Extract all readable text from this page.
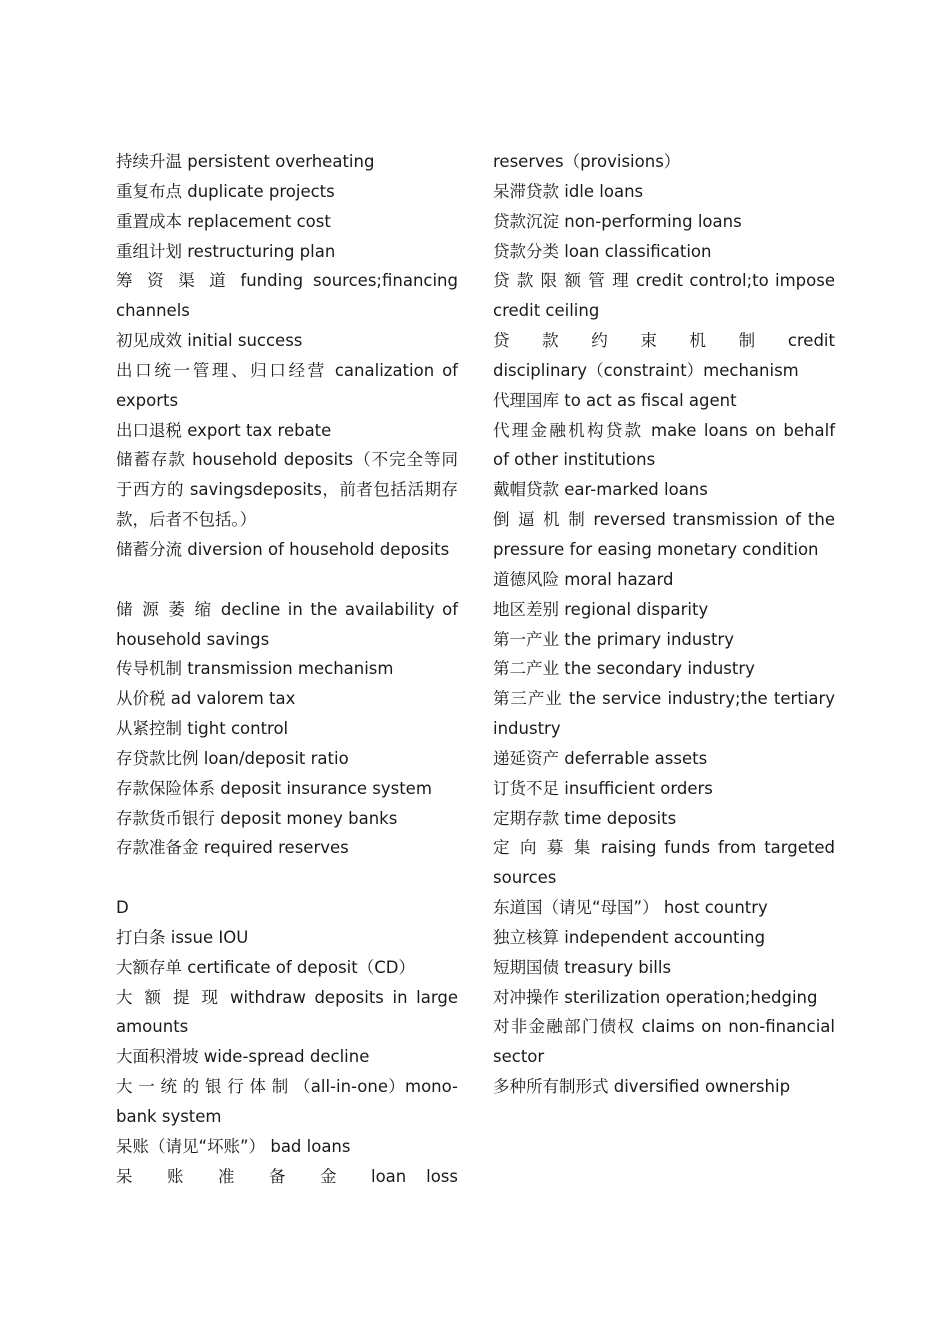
持续升温 persistent overheating
重复布点 duplicate projects
重置成本 replacement cost
重组计划 restructuring plan
筹 资 渠 道 funding sources;financing
channels
初见成效 initial success
出口统一管理、归口经营 canalization of
exports
出口退税 export tax rebate
储蓄存款 household deposits（不完全等同
于西方的 savingsdeposits，前者包括活期存
款，后者不包括。）
储蓄分流 diversion of household deposits
储 源 萎 缩 decline in the availability of
household savings
传导机制 transmission mechanism
从价税 ad valorem tax
从紧控制 tight control
存贷款比例 loan/deposit ratio
存款保险体系 deposit insurance system
存款货币银行 deposit money banks
存款准备金 required reserves
D
打白条 issue IOU
大额存单 certificate of deposit（CD）
大 额 提 现 withdraw deposits in large
amounts
大面积滑坡 wide-spread decline
大 一 统 的 银 行 体 制 （all-in-one）mono-
bank system
呆账（请见“坏账”） bad loans
呆 账 准 备 金 loan loss
reserves（provisions）
呆滞贷款 idle loans
贷款沉淀 non-performing loans
贷款分类 loan classification
贷 款 限 额 管 理 credit control;to impose
credit ceiling
贷 款 约 束 机 制 credit
disciplinary（constraint）mechanism
代理国库 to act as fiscal agent
代理金融机构贷款 make loans on behalf
of other institutions
戴帽贷款 ear-marked loans
倒 逼 机 制 reversed transmission of the
pressure for easing monetary condition
道德风险 moral hazard
地区差别 regional disparity
第一产业 the primary industry
第二产业 the secondary industry
第三产业 the service industry;the tertiary
industry
递延资产 deferrable assets
订货不足 insufficient orders
定期存款 time deposits
定 向 募 集 raising funds from targeted
sources
东道国（请见“母国”） host country
独立核算 independent accounting
短期国债 treasury bills
对冲操作 sterilization operation;hedging
对非金融部门债权 claims on non-financial
sector
多种所有制形式 diversified ownership
